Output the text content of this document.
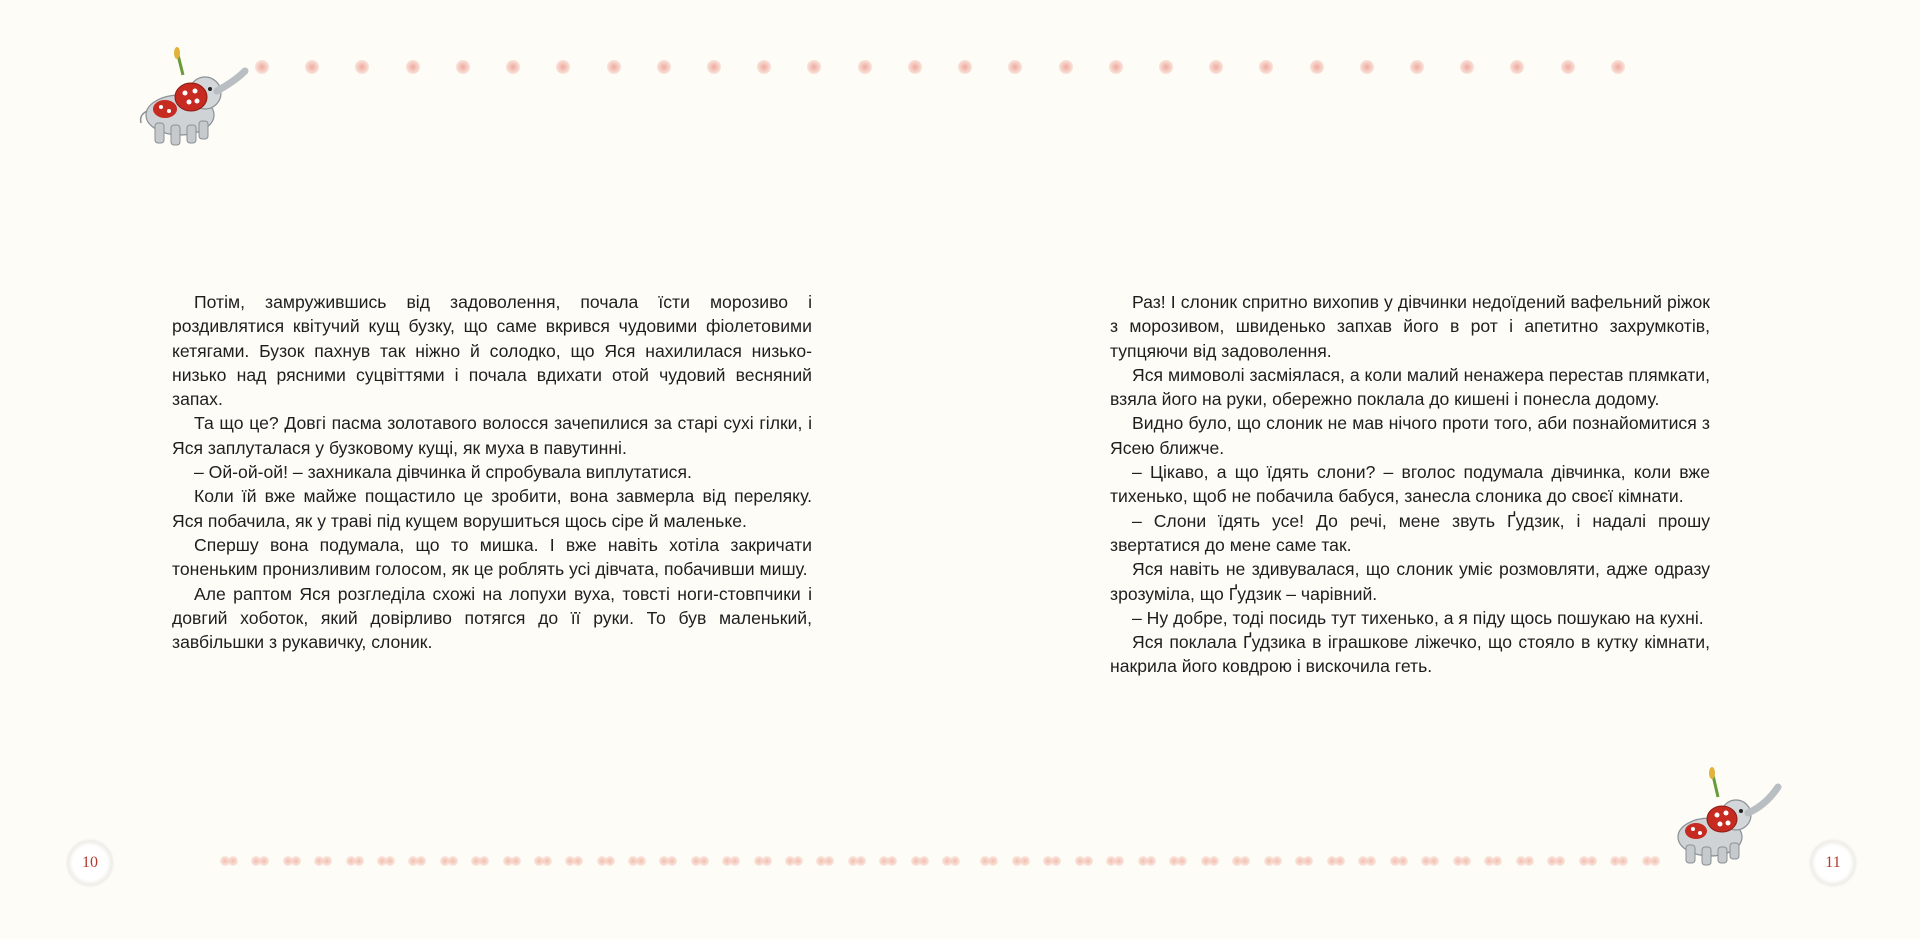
Потім, замружившись від задоволення, почала їсти морозиво і роздивлятися квітучий кущ бузку, що саме вкрився чудовими фіолетовими кетягами. Бузок пахнув так ніжно й солодко, що Яся нахилилася низько-низько над рясними суцвіттями і почала вдихати отой чудовий весняний запах.

Та що це? Довгі пасма золотавого волосся зачепилися за старі сухі гілки, і Яся заплуталася у бузковому кущі, як муха в павутинні.

– Ой-ой-ой! – захникала дівчинка й спробувала виплутатися.

Коли їй вже майже пощастило це зробити, вона завмерла від переляку. Яся побачила, як у траві під кущем ворушиться щось сіре й маленьке.

Спершу вона подумала, що то мишка. І вже навіть хотіла закричати тоненьким пронизливим голосом, як це роблять усі дівчата, побачивши мишу.

Але раптом Яся розгледіла схожі на лопухи вуха, товсті ноги-стовпчики і довгий хоботок, який довірливо потягся до її руки. То був маленький, завбільшки з рукавичку, слоник.

Раз! І слоник спритно вихопив у дівчинки недоїдений вафельний ріжок з морозивом, швиденько запхав його в рот і апетитно захрумкотів, тупцяючи від задоволення.

Яся мимоволі засміялася, а коли малий ненажера перестав плямкати, взяла його на руки, обережно поклала до кишені і понесла додому.

Видно було, що слоник не мав нічого проти того, аби познайомитися з Ясею ближче.

– Цікаво, а що їдять слони? – вголос подумала дівчинка, коли вже тихенько, щоб не побачила бабуся, занесла слоника до своєї кімнати.

– Слони їдять усе! До речі, мене звуть Ґудзик, і надалі прошу звертатися до мене саме так.

Яся навіть не здивувалася, що слоник уміє розмовляти, адже одразу зрозуміла, що Ґудзик – чарівний.

– Ну добре, тоді посидь тут тихенько, а я піду щось пошукаю на кухні.

Яся поклала Ґудзика в іграшкове ліжечко, що стояло в кутку кімнати, накрила його ковдрою і вискочила геть.

10	11
